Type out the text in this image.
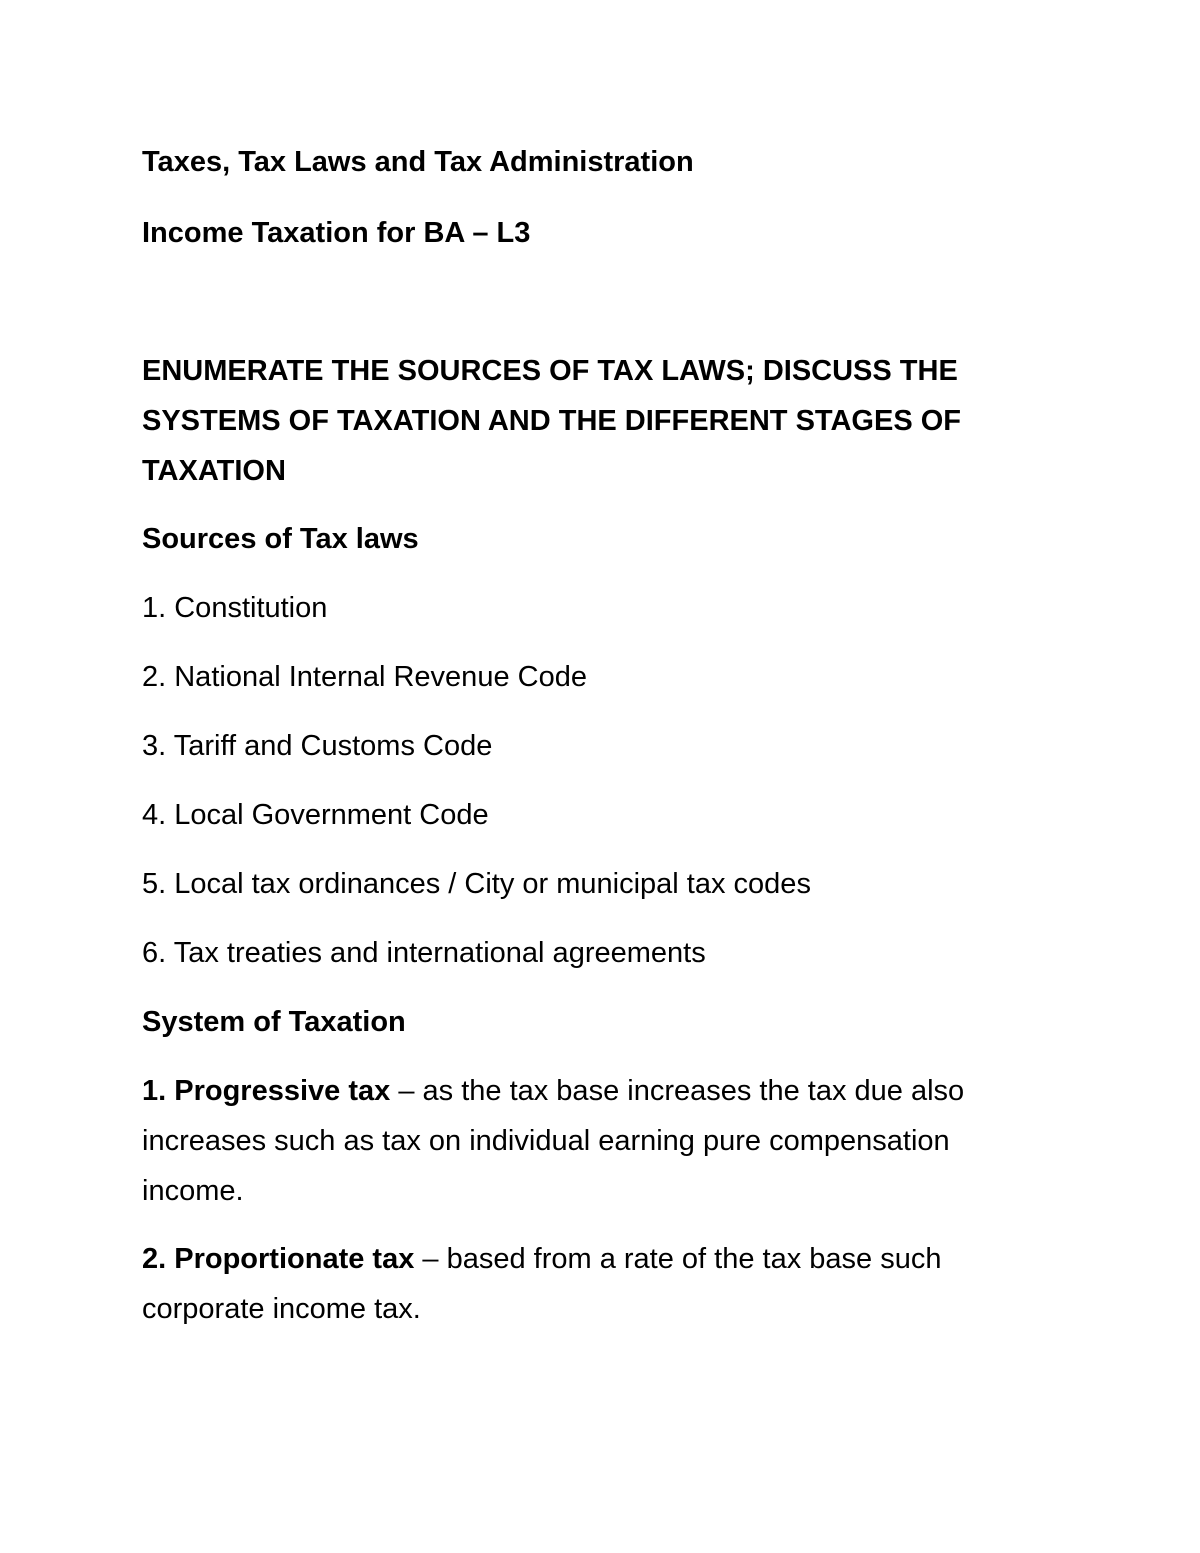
Taxes, Tax Laws and Tax Administration

Income Taxation for BA – L3

ENUMERATE THE SOURCES OF TAX LAWS; DISCUSS THE SYSTEMS OF TAXATION AND THE DIFFERENT STAGES OF TAXATION

Sources of Tax laws

1. Constitution

2. National Internal Revenue Code

3. Tariff and Customs Code

4. Local Government Code

5. Local tax ordinances / City or municipal tax codes

6. Tax treaties and international agreements

System of Taxation

1. Progressive tax – as the tax base increases the tax due also increases such as tax on individual earning pure compensation income.

2. Proportionate tax – based from a rate of the tax base such corporate income tax.
